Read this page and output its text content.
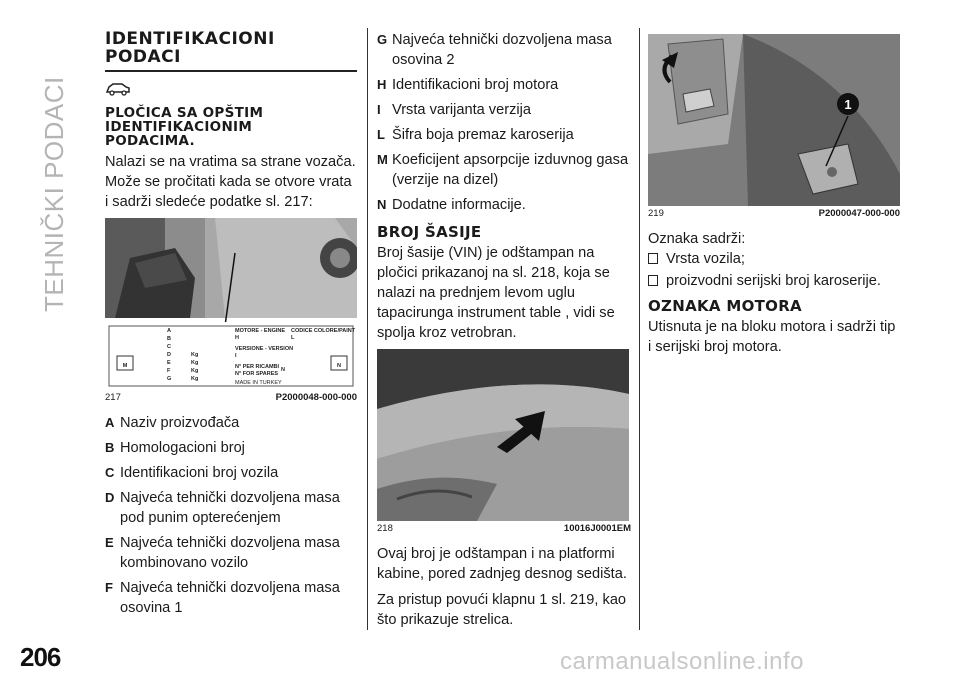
TEHNIČKI PODACI
206
IDENTIFIKACIONI
PODACI
PLOČICA SA OPŠTIM
IDENTIFIKACIONIM
PODACIMA.

Nalazi se na vratima sa strane vozača. Može se pročitati kada se otvore vrata i sadrži sledeće podatke sl. 217:

M	N
A
B
C
D
E
F
G
Kg
Kg
Kg
Kg
MOTORE - ENGINE
H
CODICE COLORE/PAINT
L
VERSIONE - VERSION
I
N° PER RICAMBI
N° FOR SPARES
N
MADE IN TURKEY
217	P2000048-000-000
A Naziv proizvođača
B Homologacioni broj
C Identifikacioni broj vozila
D Najveća tehnički dozvoljena masa pod punim opterećenjem
E Najveća tehnički dozvoljena masa kombinovano vozilo
F Najveća tehnički dozvoljena masa osovina 1
G Najveća tehnički dozvoljena masa osovina 2
H Identifikacioni broj motora
I Vrsta varijanta verzija
L Šifra boja premaz karoserija
M Koeficijent apsorpcije izduvnog gasa (verzije na dizel)
N Dodatne informacije.
BROJ ŠASIJE

Broj šasije (VIN) je odštampan na pločici prikazanoj na sl. 218, koja se nalazi na prednjem levom uglu tapacirunga instrument table , vidi se spolja kroz vetrobran.

218	10016J0001EM

Ovaj broj je odštampan i na platformi kabine, pored zadnjeg desnog sedišta.

Za pristup povući klapnu 1 sl. 219, kao što prikazuje strelica.

1
219	P2000047-000-000

Oznaka sadrži:

Vrsta vozila;
proizvodni serijski broj karoserije.
OZNAKA MOTORA

Utisnuta je na bloku motora i sadrži tip i serijski broj motora.

carmanualsonline.info
